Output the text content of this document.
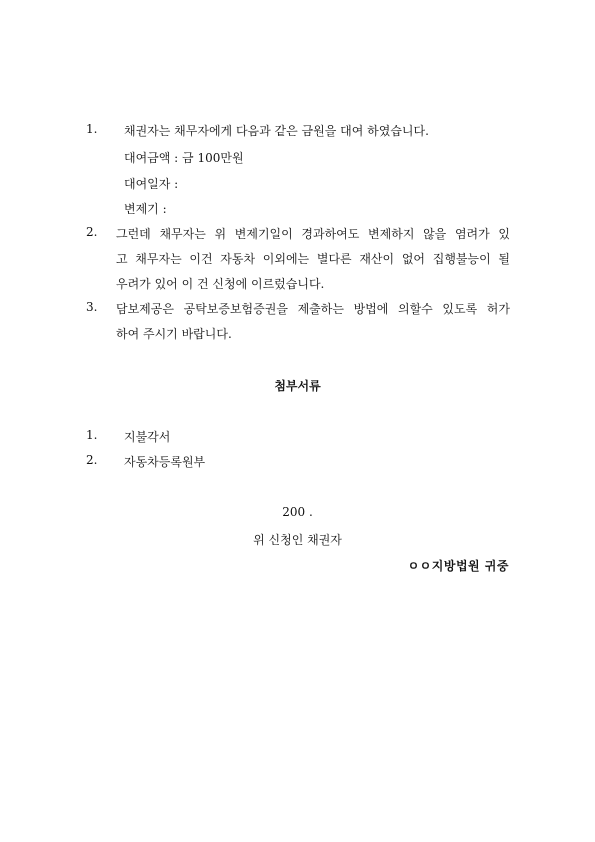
1. 채권자는 채무자에게 다음과 같은 금원을 대여 하였습니다.
대여금액 : 금 100만원
대여일자 :
변제기 :
2. 그런데 채무자는 위 변제기일이 경과하여도 변제하지 않을 염려가 있
고 채무자는 이건 자동차 이외에는 별다른 재산이 없어 집행불능이 될
우려가 있어 이 건 신청에 이르렀습니다.
3. 담보제공은 공탁보증보험증권을 제출하는 방법에 의할수 있도록 허가
하여 주시기 바랍니다.
첨부서류
1. 지불각서
2. 자동차등록원부
200 .
위 신청인 채권자
ㅇㅇ지방법원 귀중
